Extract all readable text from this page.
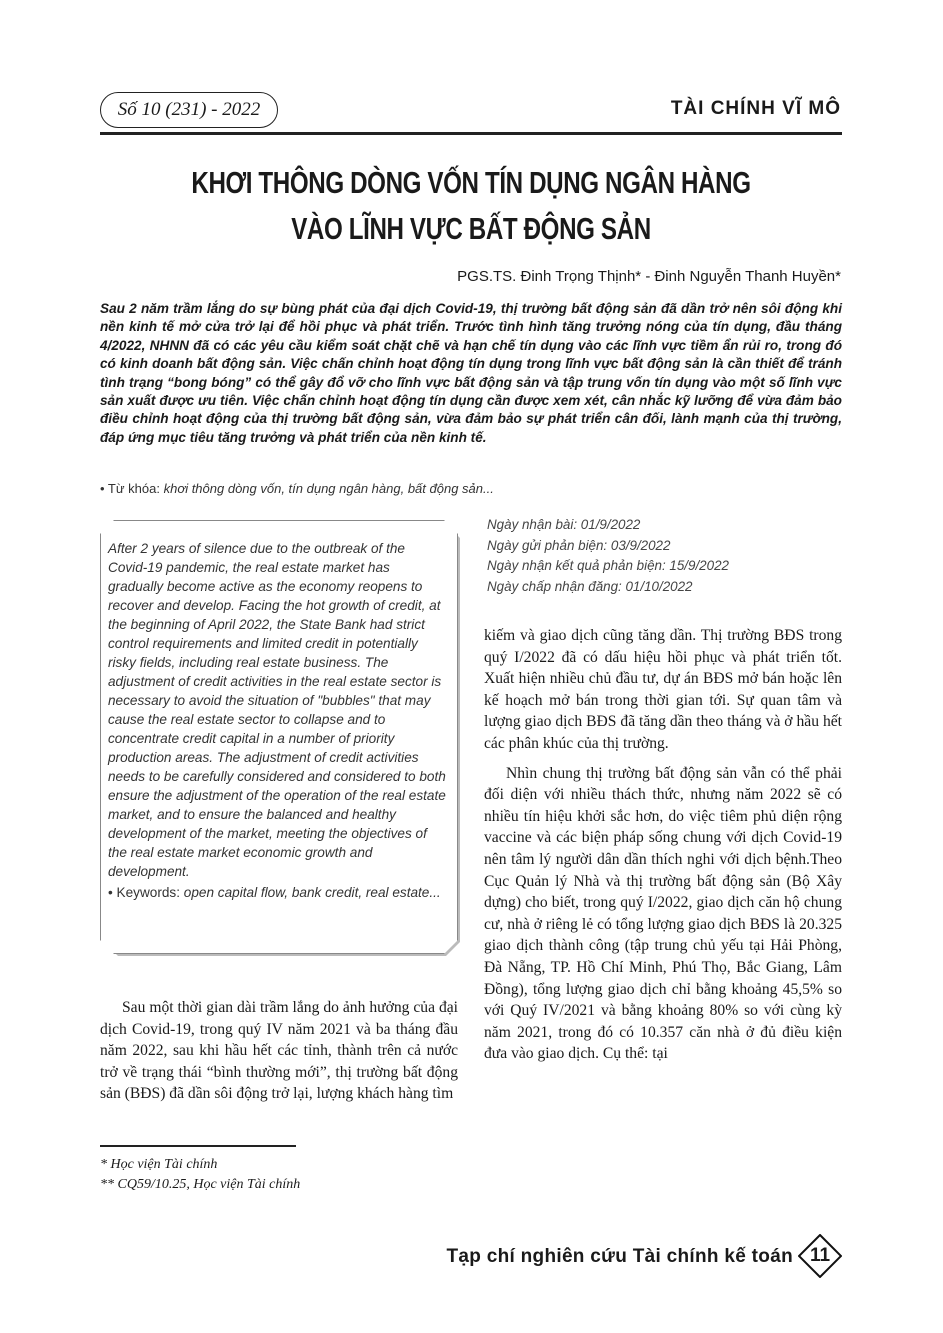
Số 10 (231) - 2022	TÀI CHÍNH VĨ MÔ
KHƠI THÔNG DÒNG VỐN TÍN DỤNG NGÂN HÀNG
VÀO LĨNH VỰC BẤT ĐỘNG SẢN
PGS.TS. Đinh Trọng Thịnh* - Đinh Nguyễn Thanh Huyền*
Sau 2 năm trầm lắng do sự bùng phát của đại dịch Covid-19, thị trường bất động sản đã dần trở nên sôi động khi nền kinh tế mở cửa trở lại để hồi phục và phát triển. Trước tình hình tăng trưởng nóng của tín dụng, đầu tháng 4/2022, NHNN đã có các yêu cầu kiểm soát chặt chẽ và hạn chế tín dụng vào các lĩnh vực tiềm ẩn rủi ro, trong đó có kinh doanh bất động sản. Việc chấn chỉnh hoạt động tín dụng trong lĩnh vực bất động sản là cần thiết để tránh tình trạng “bong bóng” có thể gây đổ vỡ cho lĩnh vực bất động sản và tập trung vốn tín dụng vào một số lĩnh vực sản xuất được ưu tiên. Việc chấn chỉnh hoạt động tín dụng cần được xem xét, cân nhắc kỹ lưỡng để vừa đảm bảo điều chỉnh hoạt động của thị trường bất động sản, vừa đảm bảo sự phát triển cân đối, lành mạnh của thị trường, đáp ứng mục tiêu tăng trưởng và phát triển của nền kinh tế.
• Từ khóa: khơi thông dòng vốn, tín dụng ngân hàng, bất động sản...

After 2 years of silence due to the outbreak of the Covid-19 pandemic, the real estate market has gradually become active as the economy reopens to recover and develop. Facing the hot growth of credit, at the beginning of April 2022, the State Bank had strict control requirements and limited credit in potentially risky fields, including real estate business. The adjustment of credit activities in the real estate sector is necessary to avoid the situation of "bubbles" that may cause the real estate sector to collapse and to concentrate credit capital in a number of priority production areas. The adjustment of credit activities needs to be carefully considered and considered to both ensure the adjustment of the operation of the real estate market, and to ensure the balanced and healthy development of the market, meeting the objectives of the real estate market economic growth and development.

• Keywords: open capital flow, bank credit, real estate...

Ngày nhận bài: 01/9/2022
Ngày gửi phản biện: 03/9/2022
Ngày nhận kết quả phản biện: 15/9/2022
Ngày chấp nhận đăng: 01/10/2022

Sau một thời gian dài trầm lắng do ảnh hưởng của đại dịch Covid-19, trong quý IV năm 2021 và ba tháng đầu năm 2022, sau khi hầu hết các tỉnh, thành trên cả nước trở về trạng thái “bình thường mới”, thị trường bất động sản (BĐS) đã dần sôi động trở lại, lượng khách hàng tìm

kiếm và giao dịch cũng tăng dần. Thị trường BĐS trong quý I/2022 đã có dấu hiệu hồi phục và phát triển tốt. Xuất hiện nhiều chủ đầu tư, dự án BĐS mở bán hoặc lên kế hoạch mở bán trong thời gian tới. Sự quan tâm và lượng giao dịch BĐS đã tăng dần theo tháng và ở hầu hết các phân khúc của thị trường.

Nhìn chung thị trường bất động sản vẫn có thể phải đối diện với nhiều thách thức, nhưng năm 2022 sẽ có nhiều tín hiệu khởi sắc hơn, do việc tiêm phủ diện rộng vaccine và các biện pháp sống chung với dịch Covid-19 nên tâm lý người dân dần thích nghi với dịch bệnh.Theo Cục Quản lý Nhà và thị trường bất động sản (Bộ Xây dựng) cho biết, trong quý I/2022, giao dịch căn hộ chung cư, nhà ở riêng lẻ có tổng lượng giao dịch BĐS là 20.325 giao dịch thành công (tập trung chủ yếu tại Hải Phòng, Đà Nẵng, TP. Hồ Chí Minh, Phú Thọ, Bắc Giang, Lâm Đồng), tổng lượng giao dịch chỉ bằng khoảng 45,5% so với Quý IV/2021 và bằng khoảng 80% so với cùng kỳ năm 2021, trong đó có 10.357 căn nhà ở đủ điều kiện đưa vào giao dịch. Cụ thể: tại

* Học viện Tài chính
** CQ59/10.25, Học viện Tài chính
Tạp chí nghiên cứu Tài chính kế toán 11
